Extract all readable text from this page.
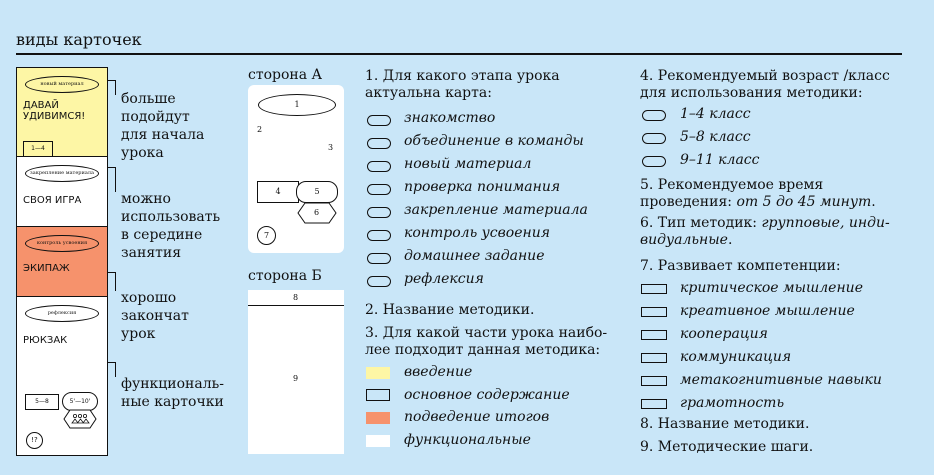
виды карточек
новый материал
ДАВАЙ УДИВИМСЯ!
1—4
закрепление материала
СВОЯ ИГРА
контроль усвоения
ЭКИПАЖ
рефлексия
РЮКЗАК
5—8	5'—10'
!?
больше подойдут для начала урока
можно использовать в середине занятия
хорошо закончат урок
функциональ-ные карточки
сторона А
1
2
3
4	5
6
7
сторона Б
8
9
1. Для какого этапа урока актуальна карта:
знакомство
объединение в команды
новый материал
проверка понимания
закрепление материала
контроль усвоения
домашнее задание
рефлексия
2. Название методики.
3. Для какой части урока наибо-лее подходит данная методика:
введение
основное содержание
подведение итогов
функциональные
4. Рекомендуемый возраст /класс для использования методики:
1–4 класс
5–8 класс
9–11 класс
5. Рекомендуемое время проведения: от 5 до 45 минут.
6. Тип методик: групповые, инди-видуальные.
7. Развивает компетенции:
критическое мышление
креативное мышление
кооперация
коммуникация
метакогнитивные навыки
грамотность
8. Название методики.
9. Методические шаги.
